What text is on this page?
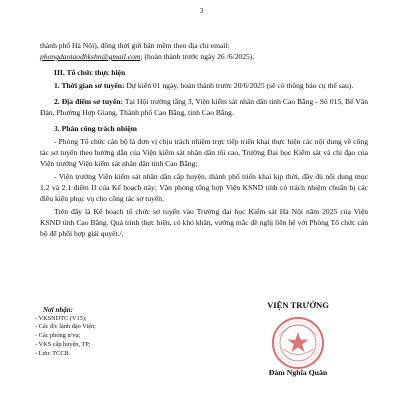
3

thành phố Hà Nội), đồng thời gửi bản mềm theo địa chỉ email:
phongdaotaodhkshn@gmail.com; (hoàn thành trước ngày 26 /6/2025).

III. Tổ chức thực hiện

1. Thời gian sơ tuyển: Dự kiến 01 ngày, hoàn thành trước 20/6/2025 (sẽ có thông báo cụ thể sau).

2. Địa điểm sơ tuyển: Tại Hội trường tầng 3, Viện kiểm sát nhân dân tỉnh Cao Bằng - Số 015, Bế Văn Đàn, Phường Hợp Giang, Thành phố Cao Bằng, tỉnh Cao Bằng.

3. Phân công trách nhiệm

- Phòng Tổ chức cán bộ là đơn vị chịu trách nhiệm trực tiếp triển khai thực hiện các nội dung về công tác sơ tuyển theo hướng dẫn của Viện kiểm sát nhân dân tối cao, Trường Đại học Kiểm sát và chỉ đạo của Viện trưởng Viện kiểm sát nhân dân tỉnh Cao Bằng;

- Viện trưởng Viện kiểm sát nhân dân cấp huyện, thành phố triển khai kịp thời, đầy đủ nội dung mục 1.2 và 2.1 điểm II của Kế hoạch này; Văn phòng tổng hợp Viện KSND tỉnh có trách nhiệm chuẩn bị các điều kiện phục vụ cho công tác sơ tuyển.

Trên đây là Kế hoạch tổ chức sơ tuyển vào Trường đại học Kiểm sát Hà Nội năm 2025 của Viện KSND tỉnh Cao Bằng. Quá trình thực hiện, có khó khăn, vướng mắc đề nghị liên hệ với Phòng Tổ chức cán bộ để phối hợp giải quyết./.

Nơi nhận:
- VKSNDTC (V15);
- Các đ/c lãnh đạo Viện;
- Các phòng n/vụ;
- VKS cấp huyện, TP;
- Lưu: TCCB.
VIỆN TRƯỞNG
Đàm Nghĩa Quân
